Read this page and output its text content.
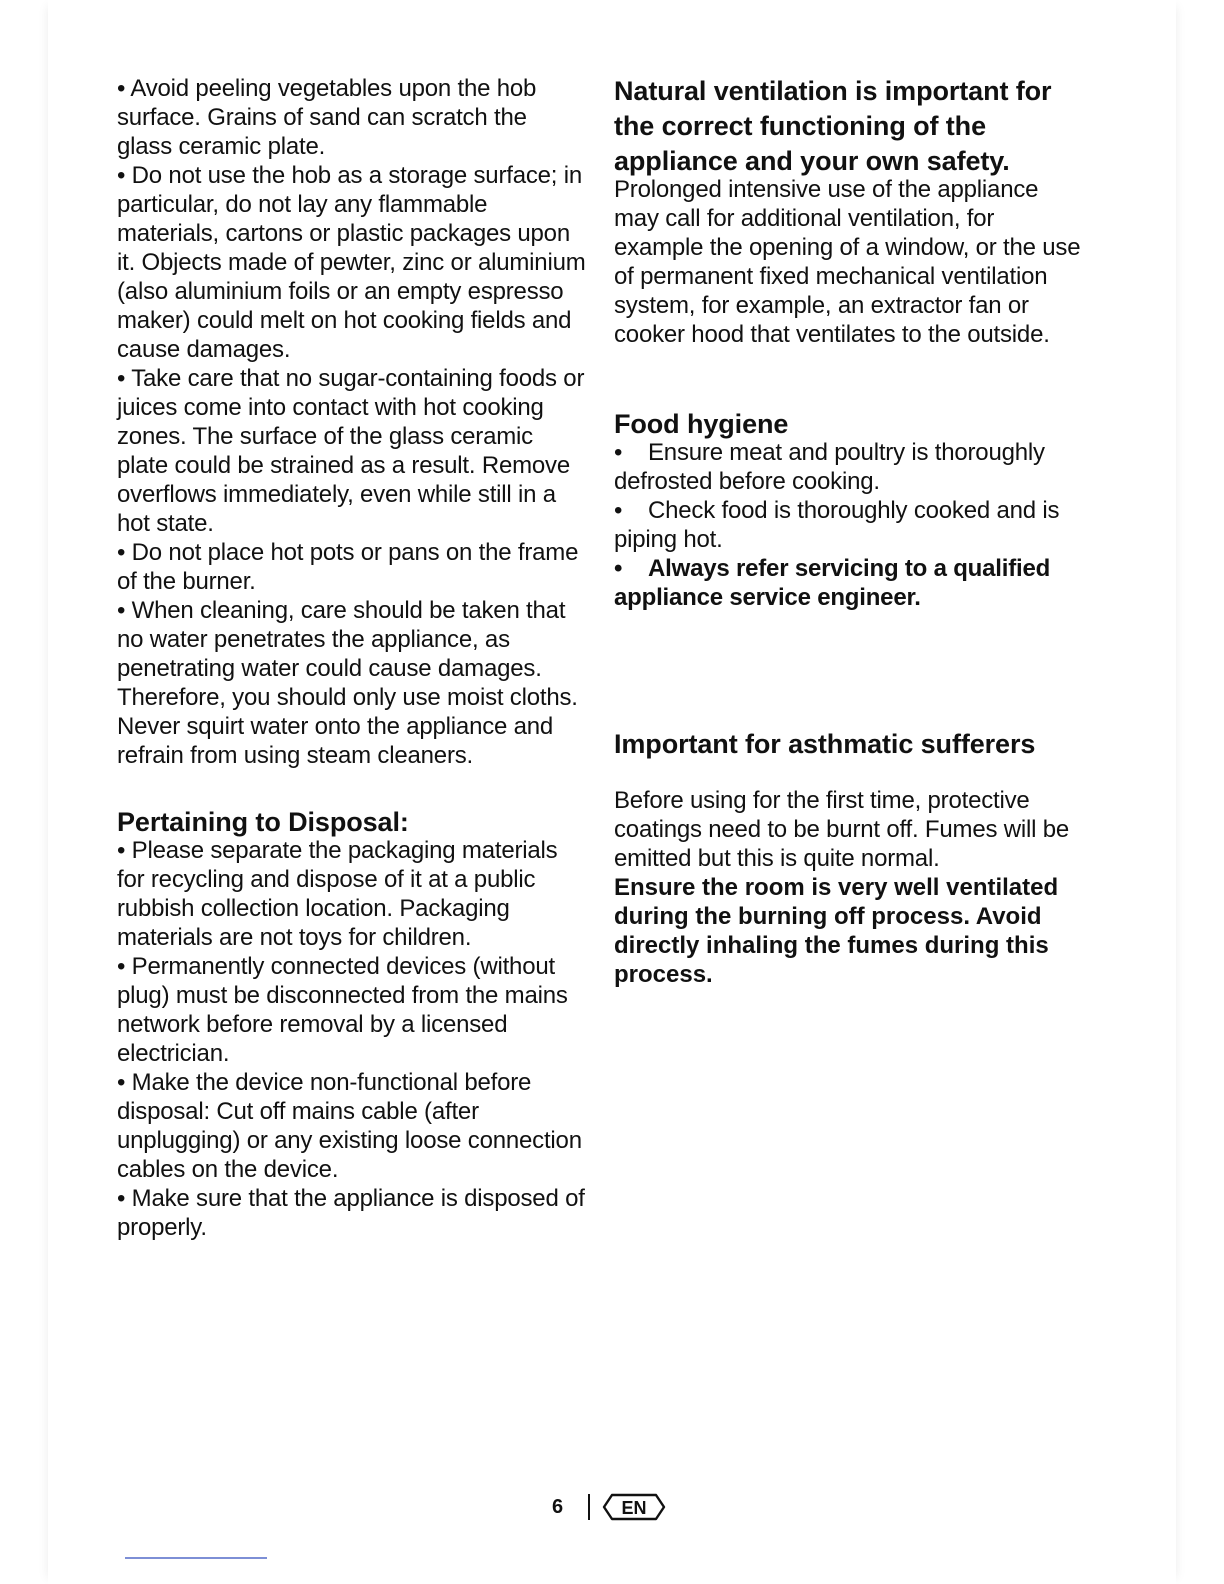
• Avoid peeling vegetables upon the hob surface. Grains of sand can scratch the glass ceramic plate.
• Do not use the hob as a storage surface; in particular, do not lay any flammable materials, cartons or plastic packages upon it. Objects made of pewter, zinc or aluminium (also aluminium foils or an empty espresso maker) could melt on hot cooking fields and cause damages.
• Take care that no sugar-containing foods or juices come into contact with hot cooking zones. The surface of the glass ceramic plate could be strained as a result. Remove overflows immediately, even while still in a hot state.
• Do not place hot pots or pans on the frame of the burner.
• When cleaning, care should be taken that no water penetrates the appliance, as penetrating water could cause damages. Therefore, you should only use moist cloths. Never squirt water onto the appliance and refrain from using steam cleaners.
Pertaining to Disposal:
• Please separate the packaging materials for recycling and dispose of it at a public rubbish collection location. Packaging materials are not toys for children.
• Permanently connected devices (without plug) must be disconnected from the mains network before removal by a licensed electrician.
• Make the device non-functional before disposal: Cut off mains cable (after unplugging) or any existing loose connection cables on the device.
• Make sure that the appliance is disposed of properly.
Natural ventilation is important for the correct functioning of the appliance and your own safety.

Prolonged intensive use of the appliance may call for additional ventilation, for example the opening of a window, or the use of permanent fixed mechanical ventilation system, for example, an extractor fan or cooker hood that ventilates to the outside.

Food hygiene
• Ensure meat and poultry is thoroughly defrosted before cooking.
• Check food is thoroughly cooked and is piping hot.
• Always refer servicing to a qualified appliance service engineer.
Important for asthmatic sufferers

Before using for the first time, protective coatings need to be burnt off. Fumes will be emitted but this is quite normal.

Ensure the room is very well ventilated during the burning off process. Avoid directly inhaling the fumes during this process.

6	EN
